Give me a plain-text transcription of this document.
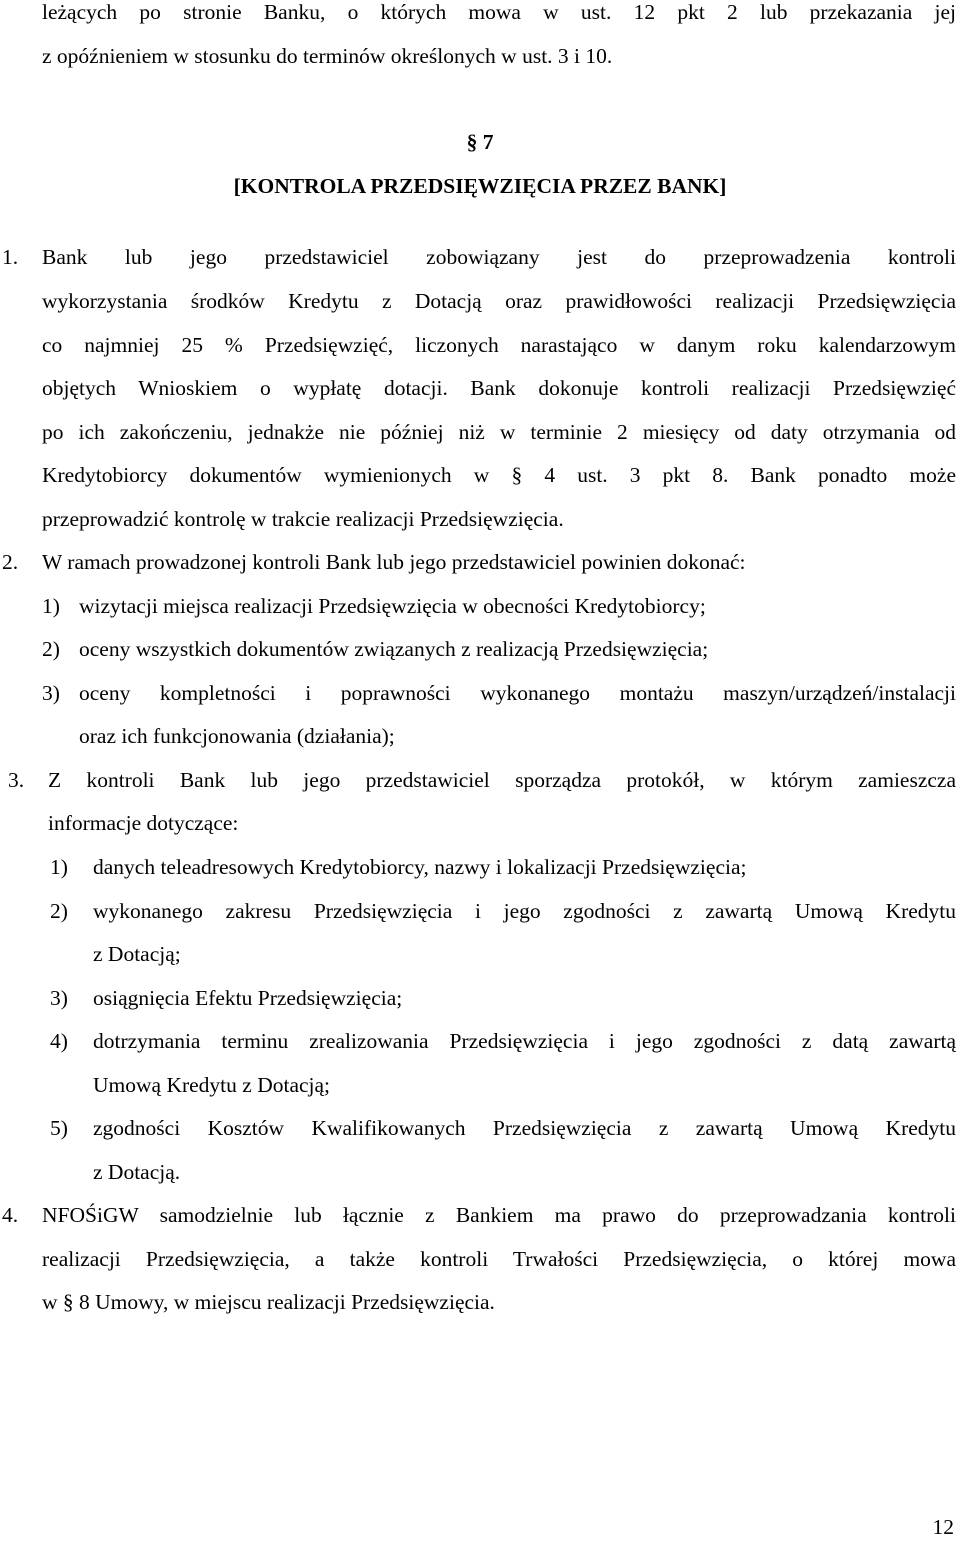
leżących po stronie Banku, o których mowa w ust. 12 pkt 2 lub przekazania jej
z opóźnieniem w stosunku do terminów określonych w ust. 3 i 10.
§ 7
[KONTROLA PRZEDSIĘWZIĘCIA PRZEZ BANK]
1. Bank lub jego przedstawiciel zobowiązany jest do przeprowadzenia kontroli
wykorzystania środków Kredytu z Dotacją oraz prawidłowości realizacji Przedsięwzięcia
co najmniej 25 % Przedsięwzięć, liczonych narastająco w danym roku kalendarzowym
objętych Wnioskiem o wypłatę dotacji. Bank dokonuje kontroli realizacji Przedsięwzięć
po ich zakończeniu, jednakże nie później niż w terminie 2 miesięcy od daty otrzymania od
Kredytobiorcy dokumentów wymienionych w § 4 ust. 3 pkt 8. Bank ponadto może
przeprowadzić kontrolę w trakcie realizacji Przedsięwzięcia.
2. W ramach prowadzonej kontroli Bank lub jego przedstawiciel powinien dokonać:
1) wizytacji miejsca realizacji Przedsięwzięcia w obecności Kredytobiorcy;
2) oceny wszystkich dokumentów związanych z realizacją Przedsięwzięcia;
3) oceny kompletności i poprawności wykonanego montażu maszyn/urządzeń/instalacji
oraz ich funkcjonowania (działania);
3. Z kontroli Bank lub jego przedstawiciel sporządza protokół, w którym zamieszcza
informacje dotyczące:
1) danych teleadresowych Kredytobiorcy, nazwy i lokalizacji Przedsięwzięcia;
2) wykonanego zakresu Przedsięwzięcia i jego zgodności z zawartą Umową Kredytu
z Dotacją;
3) osiągnięcia Efektu Przedsięwzięcia;
4) dotrzymania terminu zrealizowania Przedsięwzięcia i jego zgodności z datą zawartą
Umową Kredytu z Dotacją;
5) zgodności Kosztów Kwalifikowanych Przedsięwzięcia z zawartą Umową Kredytu
z Dotacją.
4. NFOŚiGW samodzielnie lub łącznie z Bankiem ma prawo do przeprowadzania kontroli
realizacji Przedsięwzięcia, a także kontroli Trwałości Przedsięwzięcia, o której mowa
w § 8 Umowy, w miejscu realizacji Przedsięwzięcia.
12
